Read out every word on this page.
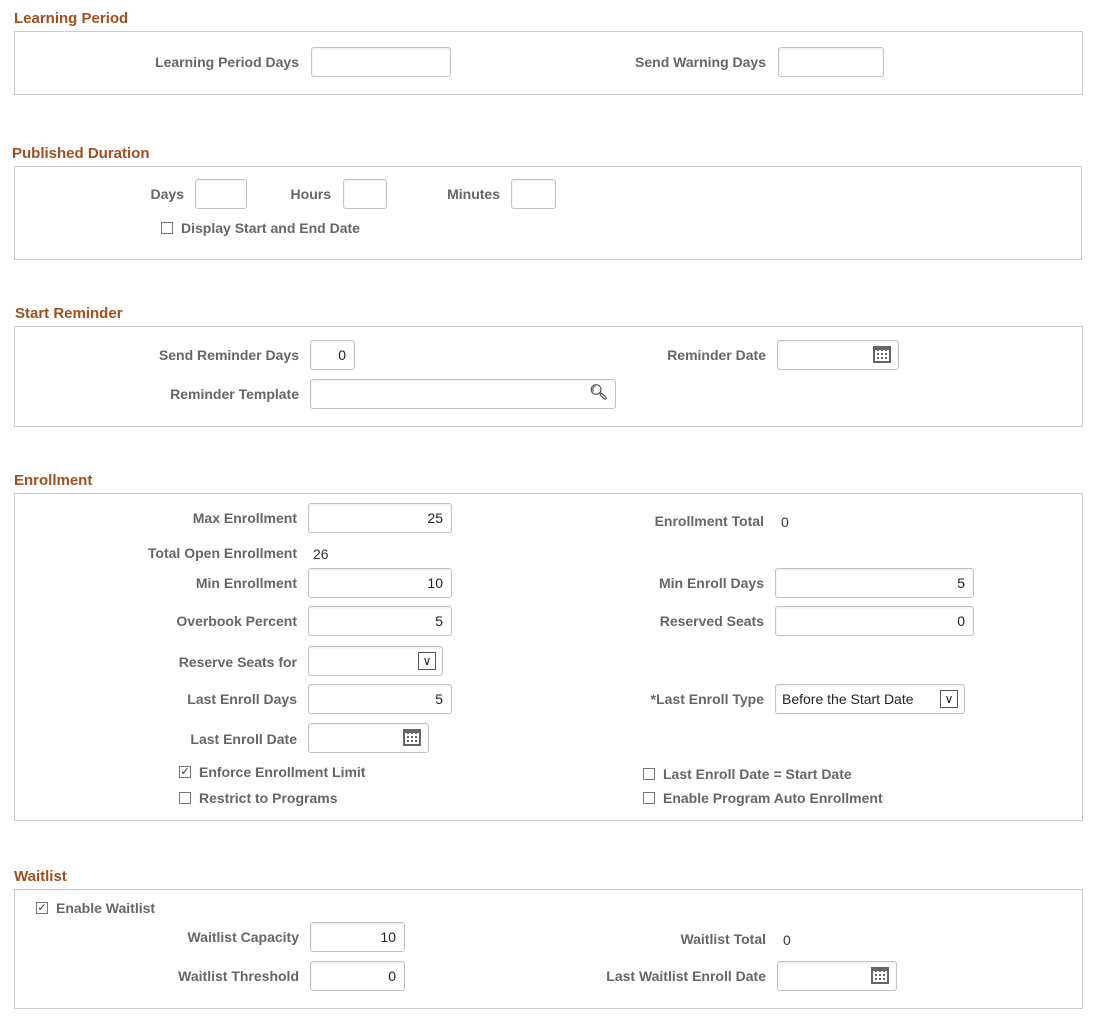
Learning Period
Learning Period Days	Send Warning Days
Published Duration
Days	Hours	Minutes
Display Start and End Date
Start Reminder
Send Reminder Days	0	Reminder Date
Reminder Template	🔍︎
Enrollment
Max Enrollment	25	Enrollment Total 0
Total Open Enrollment 26
Min Enrollment	10	Min Enroll Days	5
Overbook Percent	5	Reserved Seats	0
Reserve Seats for	∨
Last Enroll Days	5	*Last Enroll Type	Before the Start Date	∨
Last Enroll Date
✓ Enforce Enrollment Limit
Restrict to Programs
Last Enroll Date = Start Date
Enable Program Auto Enrollment
Waitlist
✓ Enable Waitlist
Waitlist Capacity	10	Waitlist Total 0
Waitlist Threshold	0	Last Waitlist Enroll Date
